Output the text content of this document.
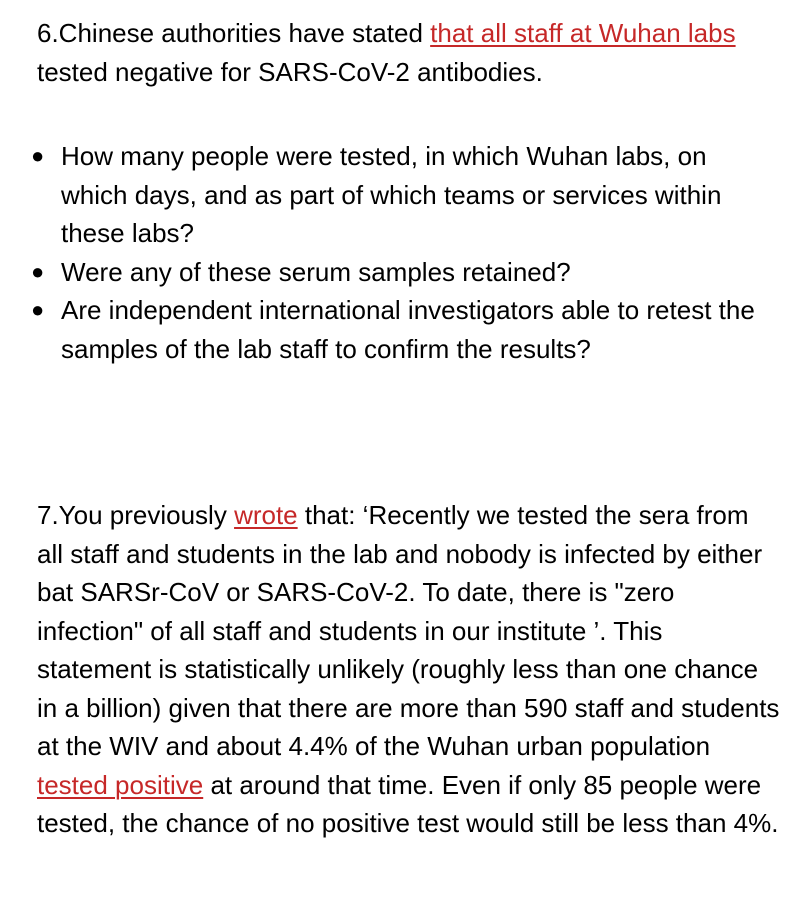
6.Chinese authorities have stated that all staff at Wuhan labs tested negative for SARS-CoV-2 antibodies.

● How many people were tested, in which Wuhan labs, on which days, and as part of which teams or services within these labs?
● Were any of these serum samples retained?
● Are independent international investigators able to retest the samples of the lab staff to confirm the results?

7.You previously wrote that: ‘Recently we tested the sera from all staff and students in the lab and nobody is infected by either bat SARSr-CoV or SARS-CoV-2. To date, there is "zero infection" of all staff and students in our institute ’. This statement is statistically unlikely (roughly less than one chance in a billion) given that there are more than 590 staff and students at the WIV and about 4.4% of the Wuhan urban population tested positive at around that time. Even if only 85 people were tested, the chance of no positive test would still be less than 4%.
